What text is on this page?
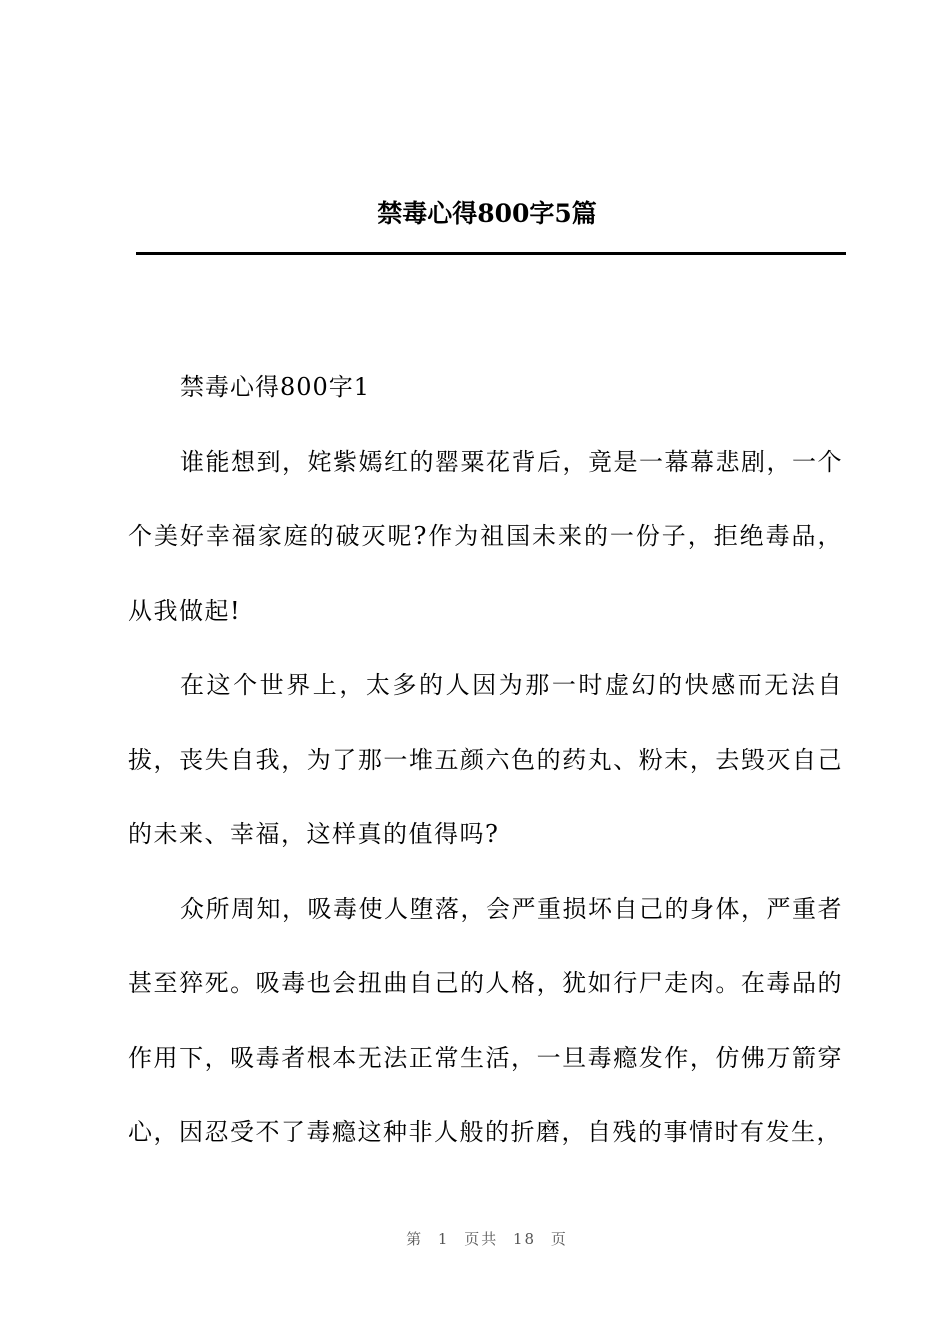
禁毒心得800字5篇

禁毒心得800字1

谁能想到，姹紫嫣红的罂粟花背后，竟是一幕幕悲剧，一个个美好幸福家庭的破灭呢?作为祖国未来的一份子，拒绝毒品，从我做起!

在这个世界上，太多的人因为那一时虚幻的快感而无法自拔，丧失自我，为了那一堆五颜六色的药丸、粉末，去毁灭自己的未来、幸福，这样真的值得吗?

众所周知，吸毒使人堕落，会严重损坏自己的身体，严重者甚至猝死。吸毒也会扭曲自己的人格，犹如行尸走肉。在毒品的作用下，吸毒者根本无法正常生活，一旦毒瘾发作，仿佛万箭穿心，因忍受不了毒瘾这种非人般的折磨，自残的事情时有发生，

第 1 页共 18 页
